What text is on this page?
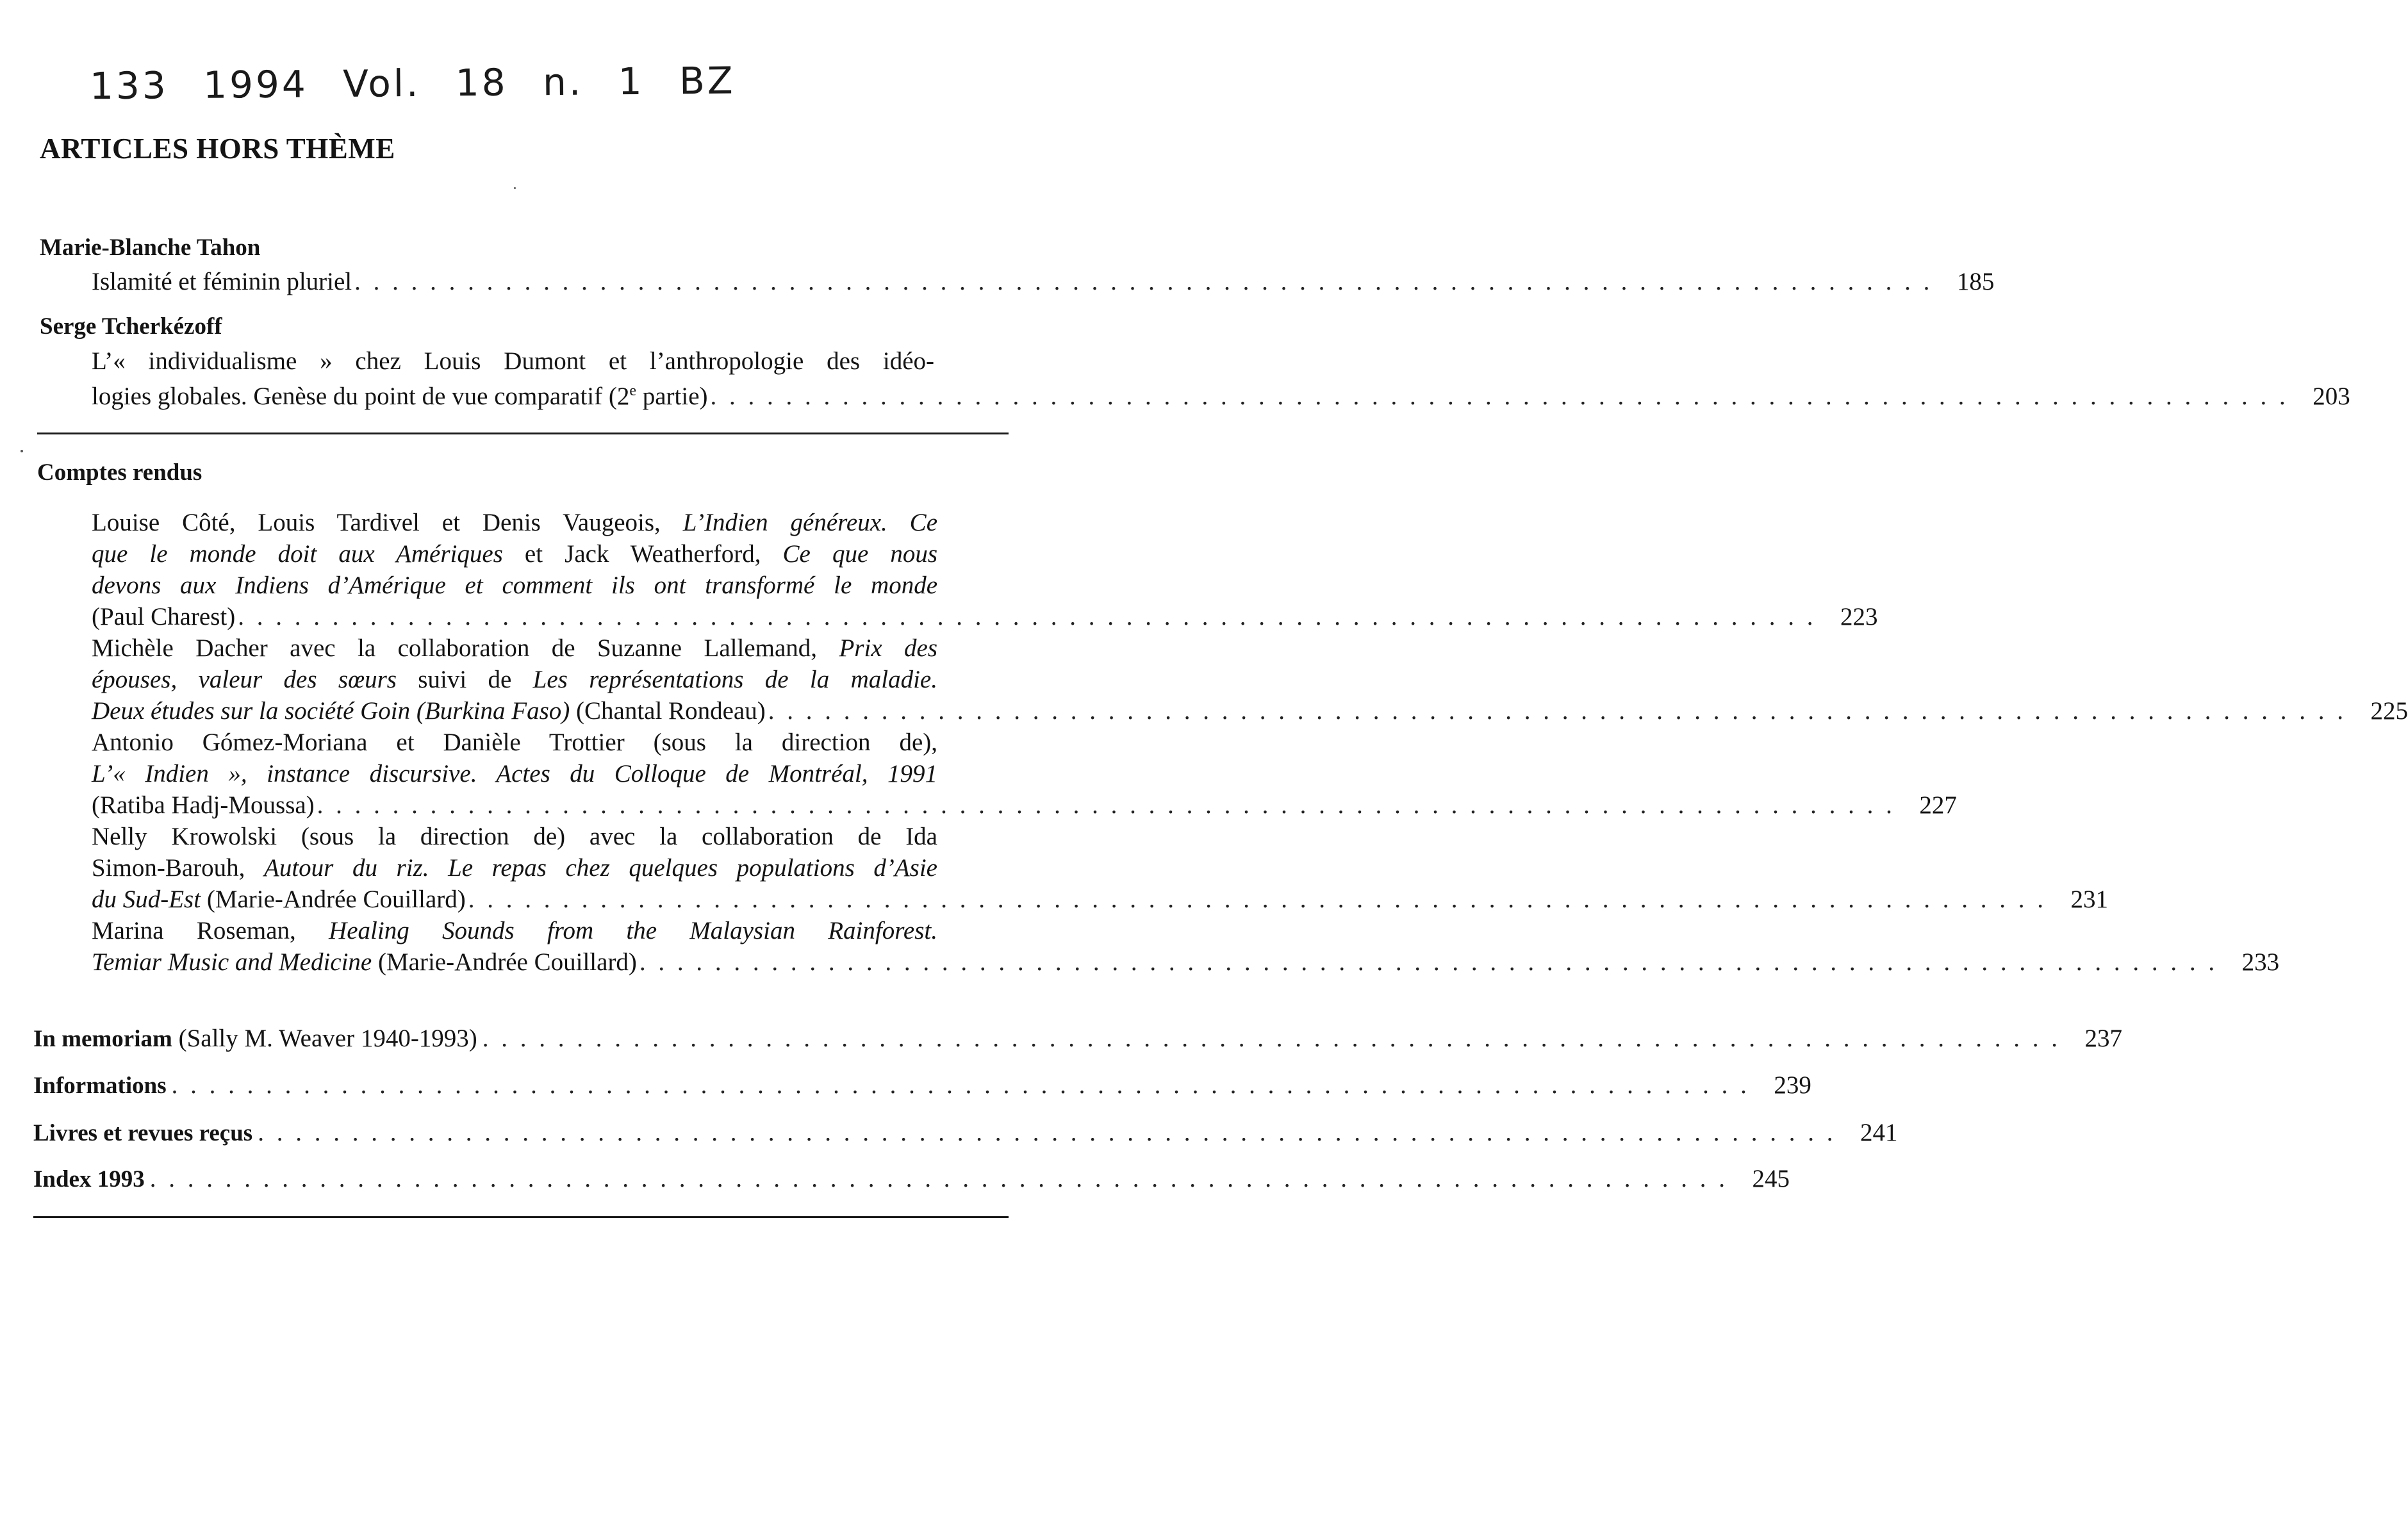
133 1994 Vol. 18 n. 1 BZ
ARTICLES HORS THÈME
Marie-Blanche Tahon
Islamité et féminin pluriel . . . . . . . . . . . . . . . . . . . . . . . . . . . . . . . . . . . . . . . . . . . . . . . . . . . . . . . . . . . . . . . . . . . . . . . . . . . . . . . . . . . . 185
Serge Tcherkézoff
L’« individualisme » chez Louis Dumont et l’anthropologie des idéo-
logies globales. Genèse du point de vue comparatif (2e partie) . . . . . . . . . . . . . . . . . . . . . . . . . . . . . . . . . . . . . . . . . . . . . . . . . . . . . . . . . . . . . . . . . . . . . . . . . . . . . . . . . . . . 203
Comptes rendus
Louise Côté, Louis Tardivel et Denis Vaugeois, L’Indien généreux. Ce
que le monde doit aux Amériques et Jack Weatherford, Ce que nous
devons aux Indiens d’Amérique et comment ils ont transformé le monde
(Paul Charest) . . . . . . . . . . . . . . . . . . . . . . . . . . . . . . . . . . . . . . . . . . . . . . . . . . . . . . . . . . . . . . . . . . . . . . . . . . . . . . . . . . . . 223
Michèle Dacher avec la collaboration de Suzanne Lallemand, Prix des
épouses, valeur des sœurs suivi de Les représentations de la maladie.
Deux études sur la société Goin (Burkina Faso) (Chantal Rondeau) . . . . . . . . . . . . . . . . . . . . . . . . . . . . . . . . . . . . . . . . . . . . . . . . . . . . . . . . . . . . . . . . . . . . . . . . . . . . . . . . . . . . 225
Antonio Gómez-Moriana et Danièle Trottier (sous la direction de),
L’« Indien », instance discursive. Actes du Colloque de Montréal, 1991
(Ratiba Hadj-Moussa) . . . . . . . . . . . . . . . . . . . . . . . . . . . . . . . . . . . . . . . . . . . . . . . . . . . . . . . . . . . . . . . . . . . . . . . . . . . . . . . . . . . . 227
Nelly Krowolski (sous la direction de) avec la collaboration de Ida
Simon-Barouh, Autour du riz. Le repas chez quelques populations d’Asie
du Sud-Est (Marie-Andrée Couillard) . . . . . . . . . . . . . . . . . . . . . . . . . . . . . . . . . . . . . . . . . . . . . . . . . . . . . . . . . . . . . . . . . . . . . . . . . . . . . . . . . . . . 231
Marina Roseman, Healing Sounds from the Malaysian Rainforest.
Temiar Music and Medicine (Marie-Andrée Couillard) . . . . . . . . . . . . . . . . . . . . . . . . . . . . . . . . . . . . . . . . . . . . . . . . . . . . . . . . . . . . . . . . . . . . . . . . . . . . . . . . . . . . 233
In memoriam (Sally M. Weaver 1940-1993) . . . . . . . . . . . . . . . . . . . . . . . . . . . . . . . . . . . . . . . . . . . . . . . . . . . . . . . . . . . . . . . . . . . . . . . . . . . . . . . . . . . . 237
Informations . . . . . . . . . . . . . . . . . . . . . . . . . . . . . . . . . . . . . . . . . . . . . . . . . . . . . . . . . . . . . . . . . . . . . . . . . . . . . . . . . . . . 239
Livres et revues reçus . . . . . . . . . . . . . . . . . . . . . . . . . . . . . . . . . . . . . . . . . . . . . . . . . . . . . . . . . . . . . . . . . . . . . . . . . . . . . . . . . . . . 241
Index 1993 . . . . . . . . . . . . . . . . . . . . . . . . . . . . . . . . . . . . . . . . . . . . . . . . . . . . . . . . . . . . . . . . . . . . . . . . . . . . . . . . . . . . 245
